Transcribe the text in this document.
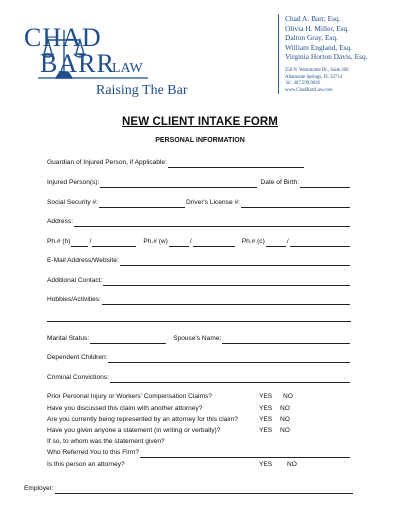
CHAD
BARR
LAW
Raising The Bar
Chad A. Barr, Esq.
Olivia H. Miller, Esq.
Dalton Gray, Esq.
William England, Esq.
Virginia Horton Davis, Esq.
258 N. Westmonte Dr., Suite 200
Altamonte Springs, FL 32714
☏: 407.599.9036
www.ChadBarrLaw.com
NEW CLIENT INTAKE FORM
PERSONAL INFORMATION
Guardian of Injured Person, if Applicable:
Injured Person(s):	Date of Birth:
Social Security #:	Driver's License #:
Address:
Ph.# (h)	/	Ph.# (w)	/	Ph.# (c)	/
E-Mail Address/Website:
Additional Contact:
Hobbies/Activities:
Marital Status:	Spouse's Name:
Dependent Children:
Criminal Convictions:
Prior Personal Injury or Workers' Compensation Claims?	YES NO
Have you discussed this claim with another attorney?	YES NO
Are you currently being represented by an attorney for this claim?	YES NO
Have you given anyone a statement (in writing or verbally)?	YES NO
If so, to whom was the statement given?
Who Referred You to this Firm?
Is this person an attorney?	YES NO
Employer:
